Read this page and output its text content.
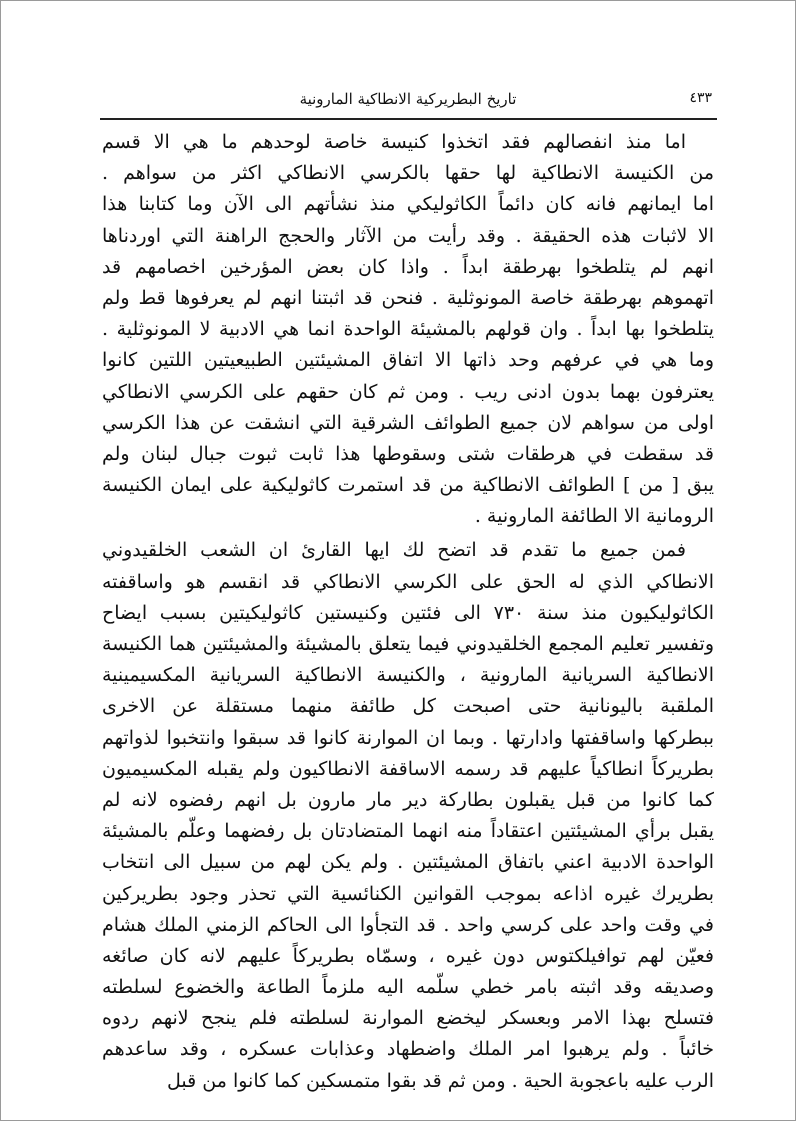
تاريخ البطريركية الانطاكية المارونية	٤٣٣
اما منذ انفصالهم فقد اتخذوا كنيسة خاصة لوحدهم ما هي الا قسم
من الكنيسة الانطاكية لها حقها بالكرسي الانطاكي اكثر من سواهم .
اما ايمانهم فانه كان دائماً الكاثوليكي منذ نشأتهم الى الآن وما كتابنا هذا
الا لاثبات هذه الحقيقة . وقد رأيت من الآثار والحجج الراهنة التي اوردناها
انهم لم يتلطخوا بهرطقة ابداً . واذا كان بعض المؤرخين اخصامهم قد
اتهموهم بهرطقة خاصة المونوثلية . فنحن قد اثبتنا انهم لم يعرفوها قط ولم
يتلطخوا بها ابداً . وان قولهم بالمشيئة الواحدة انما هي الادبية لا المونوثلية .
وما هي في عرفهم وحد ذاتها الا اتفاق المشيئتين الطبيعيتين اللتين كانوا
يعترفون بهما بدون ادنى ريب . ومن ثم كان حقهم على الكرسي الانطاكي
اولى من سواهم لان جميع الطوائف الشرقية التي انشقت عن هذا الكرسي
قد سقطت في هرطقات شتى وسقوطها هذا ثابت ثبوت جبال لبنان ولم
يبق [ من ] الطوائف الانطاكية من قد استمرت كاثوليكية على ايمان الكنيسة
الرومانية الا الطائفة المارونية .
فمن جميع ما تقدم قد اتضح لك ايها القارئ ان الشعب الخلقيدوني
الانطاكي الذي له الحق على الكرسي الانطاكي قد انقسم هو واساقفته
الكاثوليكيون منذ سنة ٧٣٠ الى فئتين وكنيستين كاثوليكيتين بسبب ايضاح
وتفسير تعليم المجمع الخلقيدوني فيما يتعلق بالمشيئة والمشيئتين هما الكنيسة
الانطاكية السريانية المارونية ، والكنيسة الانطاكية السريانية المكسيمينية
الملقبة باليونانية حتى اصبحت كل طائفة منهما مستقلة عن الاخرى
ببطركها واساقفتها وادارتها . وبما ان الموارنة كانوا قد سبقوا وانتخبوا لذواتهم
بطريركاً انطاكياً عليهم قد رسمه الاساقفة الانطاكيون ولم يقبله المكسيميون
كما كانوا من قبل يقبلون بطاركة دير مار مارون بل انهم رفضوه لانه لم
يقبل برأي المشيئتين اعتقاداً منه انهما المتضادتان بل رفضهما وعلّم بالمشيئة
الواحدة الادبية اعني باتفاق المشيئتين . ولم يكن لهم من سبيل الى انتخاب
بطريرك غيره اذاعه بموجب القوانين الكنائسية التي تحذر وجود بطريركين
في وقت واحد على كرسي واحد . قد التجأوا الى الحاكم الزمني الملك هشام
فعيّن لهم توافيلكتوس دون غيره ، وسمّاه بطريركاً عليهم لانه كان صائغه
وصديقه وقد اثبته بامر خطي سلّمه اليه ملزماً الطاعة والخضوع لسلطته
فتسلح بهذا الامر وبعسكر ليخضع الموارنة لسلطته فلم ينجح لانهم ردوه
خائباً . ولم يرهبوا امر الملك واضطهاد وعذابات عسكره ، وقد ساعدهم
الرب عليه باعجوبة الحية . ومن ثم قد بقوا متمسكين كما كانوا من قبل
